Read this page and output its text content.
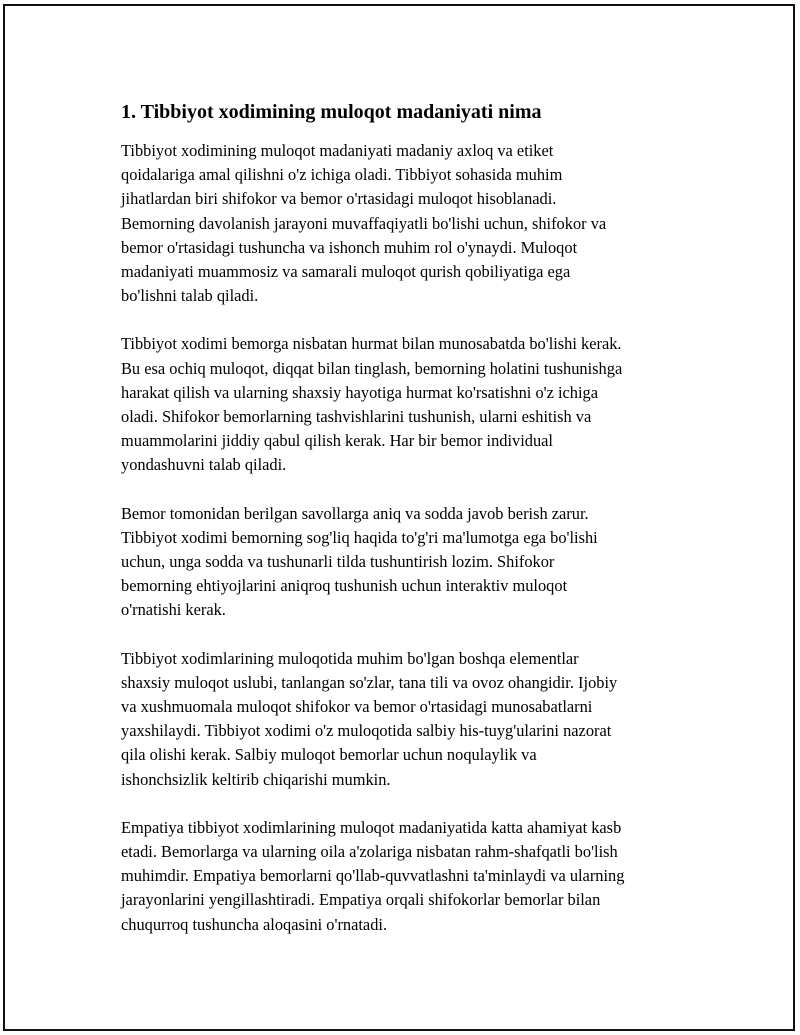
1. Tibbiyot xodimining muloqot madaniyati nima

Tibbiyot xodimining muloqot madaniyati madaniy axloq va etiket
qoidalariga amal qilishni o'z ichiga oladi. Tibbiyot sohasida muhim
jihatlardan biri shifokor va bemor o'rtasidagi muloqot hisoblanadi.
Bemorning davolanish jarayoni muvaffaqiyatli bo'lishi uchun, shifokor va
bemor o'rtasidagi tushuncha va ishonch muhim rol o'ynaydi. Muloqot
madaniyati muammosiz va samarali muloqot qurish qobiliyatiga ega
bo'lishni talab qiladi.

Tibbiyot xodimi bemorga nisbatan hurmat bilan munosabatda bo'lishi kerak.
Bu esa ochiq muloqot, diqqat bilan tinglash, bemorning holatini tushunishga
harakat qilish va ularning shaxsiy hayotiga hurmat ko'rsatishni o'z ichiga
oladi. Shifokor bemorlarning tashvishlarini tushunish, ularni eshitish va
muammolarini jiddiy qabul qilish kerak. Har bir bemor individual
yondashuvni talab qiladi.

Bemor tomonidan berilgan savollarga aniq va sodda javob berish zarur.
Tibbiyot xodimi bemorning sog'liq haqida to'g'ri ma'lumotga ega bo'lishi
uchun, unga sodda va tushunarli tilda tushuntirish lozim. Shifokor
bemorning ehtiyojlarini aniqroq tushunish uchun interaktiv muloqot
o'rnatishi kerak.

Tibbiyot xodimlarining muloqotida muhim bo'lgan boshqa elementlar
shaxsiy muloqot uslubi, tanlangan so'zlar, tana tili va ovoz ohangidir. Ijobiy
va xushmuomala muloqot shifokor va bemor o'rtasidagi munosabatlarni
yaxshilaydi. Tibbiyot xodimi o'z muloqotida salbiy his-tuyg'ularini nazorat
qila olishi kerak. Salbiy muloqot bemorlar uchun noqulaylik va
ishonchsizlik keltirib chiqarishi mumkin.

Empatiya tibbiyot xodimlarining muloqot madaniyatida katta ahamiyat kasb
etadi. Bemorlarga va ularning oila a'zolariga nisbatan rahm-shafqatli bo'lish
muhimdir. Empatiya bemorlarni qo'llab-quvvatlashni ta'minlaydi va ularning
jarayonlarini yengillashtiradi. Empatiya orqali shifokorlar bemorlar bilan
chuqurroq tushuncha aloqasini o'rnatadi.
